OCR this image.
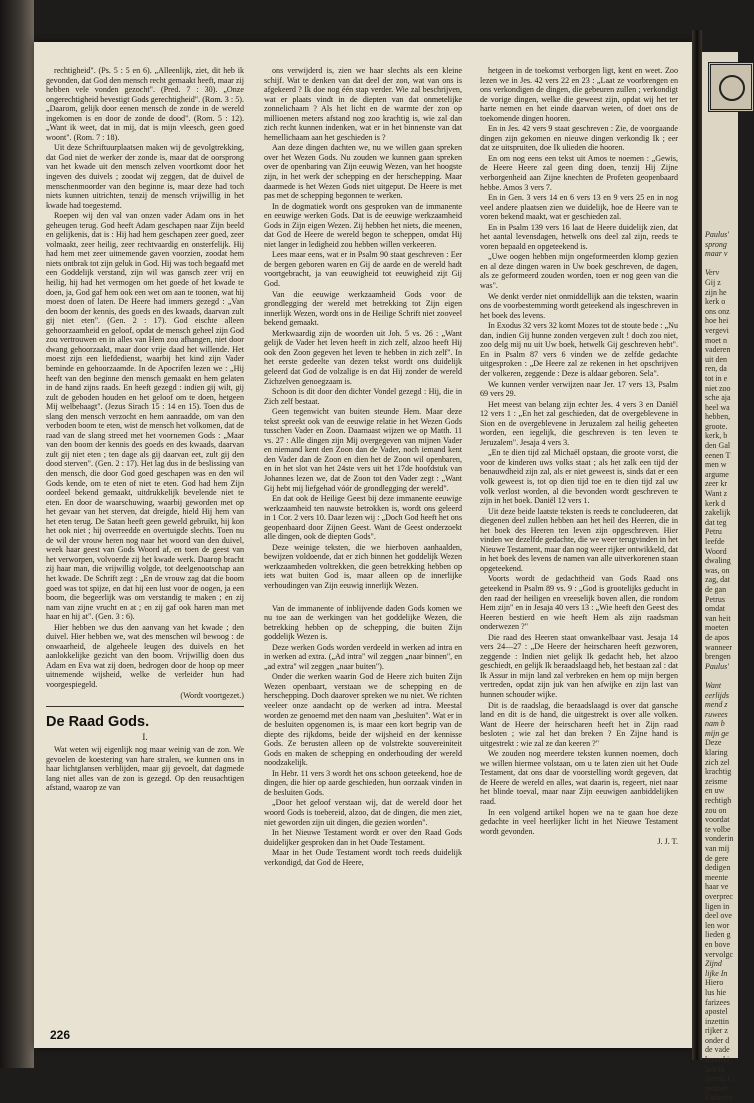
rechtigheid". (Ps. 5 : 5 en 6). „Alleenlijk, ziet, dit heb ik gevonden, dat God den mensch recht gemaakt heeft, maar zij hebben vele vonden gezocht". (Pred. 7 : 30). „Onze ongerechtigheid bevestigt Gods gerechtigheid". (Rom. 3 : 5). „Daarom, gelijk door eenen mensch de zonde in de wereld ingekomen is en door de zonde de dood". (Rom. 5 : 12). „Want ik weet, dat in mij, dat is mijn vleesch, geen goed woont". (Rom. 7 : 18).

Uit deze Schriftuurplaatsen maken wij de gevolgtrekking, dat God niet de werker der zonde is, maar dat de oorsprong van het kwade uit den mensch zelven voortkomt door het ingeven des duivels ; zoodat wij zeggen, dat de duivel de menschenmoorder van den beginne is, maar deze had toch niets kunnen uitrichten, tenzij de mensch vrijwillig in het kwade had toegestemd.

Roepen wij den val van onzen vader Adam ons in het geheugen terug. God heeft Adam geschapen naar Zijn beeld en gelijkenis, dat is : Hij had hem geschapen zeer goed, zeer volmaakt, zeer heilig, zeer rechtvaardig en onsterfelijk. Hij had hem met zeer uitnemende gaven voorzien, zoodat hem niets ontbrak tot zijn geluk in God. Hij was toch begaafd met een Goddelijk verstand, zijn wil was gansch zeer vrij en heilig, hij had het vermogen om het goede of het kwade te doen, ja, God gaf hem ook een wet om aan te toonen, wat hij moest doen of laten. De Heere had immers gezegd : „Van den boom der kennis, des goeds en des kwaads, daarvan zult gij niet eten". (Gen. 2 : 17). God eischte alleen gehoorzaamheid en geloof, opdat de mensch geheel zijn God zou vertrouwen en in alles van Hem zou afhangen, niet door dwang gehoorzaakt, maar door vrije daad het willende. Het moest zijn een liefdedienst, waarbij het kind zijn Vader beminde en gehoorzaamde. In de Apocrifen lezen we : „Hij heeft van den beginne den mensch gemaakt en hem gelaten in de hand zijns raads. En heeft gezegd : indien gij wilt, gij zult de geboden houden en het geloof om te doen, hetgeen Mij welbehaagt". (Jezus Sirach 15 : 14 en 15). Toen dus de slang den mensch verzocht en hem aanraadde, om van den verboden boom te eten, wist de mensch het volkomen, dat de raad van de slang streed met het voornemen Gods : „Maar van den boom der kennis des goeds en des kwaads, daarvan zult gij niet eten ; ten dage als gij daarvan eet, zult gij den dood sterven". (Gen. 2 : 17). Het lag dus in de beslissing van den mensch, die door God goed geschapen was en den wil Gods kende, om te eten of niet te eten. God had hem Zijn oordeel bekend gemaakt, uitdrukkelijk bevelende niet te eten. En door de waarschuwing, waarbij geworden met op het gevaar van het sterven, dat dreigde, hield Hij hem van het eten terug. De Satan heeft geen geweld gebruikt, hij kon het ook niet ; hij overreedde en overtuigde slechts. Toen nu de wil der vrouw heren nog naar het woord van den duivel, week haar geest van Gods Woord af, en toen de geest van het verworpen, volvoerde zij het kwade werk. Daarop bracht zij haar man, die vrijwillig volgde, tot deelgenootschap aan het kwade. De Schrift zegt : „En de vrouw zag dat die boom goed was tot spijze, en dat hij een lust voor de oogen, ja een boom, die begeerlijk was om verstandig te maken ; en zij nam van zijne vrucht en at ; en zij gaf ook haren man met haar en hij at". (Gen. 3 : 6).

Hier hebben we dus den aanvang van het kwade ; den duivel. Hier hebben we, wat des menschen wil bewoog : de onwaarheid, de algeheele leugen des duivels en het aanlokkelijke gezicht van den boom. Vrijwillig doen dus Adam en Eva wat zij doen, bedrogen door de hoop op meer uitnemende wijsheid, welke de verleider hun had voorgespiegeld.

(Wordt voortgezet.)

De Raad Gods.
I.

Wat weten wij eigenlijk nog maar weinig van de zon. We gevoelen de koestering van hare stralen, we kunnen ons in haar lichtglansen verblijden, maar gij gevoelt, dat dagmede lang niet alles van de zon is gezegd. Op den reusachtigen afstand, waarop ze van

ons verwijderd is, zien we haar slechts als een kleine schijf. Wat te denken van dat deel der zon, wat van ons is afgekeerd ? Ik doe nog één stap verder. Wie zal beschrijven, wat er plaats vindt in de diepten van dat onmetelijke zonnelichaam ? Als het licht en de warmte der zon op millioenen meters afstand nog zoo krachtig is, wie zal dan zich recht kunnen indenken, wat er in het binnenste van dat hemellichaam aan het geschieden is ?

Aan deze dingen dachten we, nu we willen gaan spreken over het Wezen Gods. Nu zouden we kunnen gaan spreken over de openbaring van Zijn eeuwig Wezen, van het hoogste zijn, in het werk der schepping en der herschepping. Maar daarmede is het Wezen Gods niet uitgeput. De Heere is met pas met de schepping begonnen te werken.

In de dogmatiek wordt ons gesproken van de immanente en eeuwige werken Gods. Dat is de eeuwige werkzaamheid Gods in Zijn eigen Wezen. Zij hebben het niets, die meenen, dat God de Heere de wereld begon te scheppen, omdat Hij niet langer in ledigheid zou hebben willen verkeeren.

Lees maar eens, wat er in Psalm 90 staat geschreven : Eer de bergen geboren waren en Gij de aarde en de wereld hadt voortgebracht, ja van eeuwigheid tot eeuwigheid zijt Gij God.

Van die eeuwige werkzaamheid Gods voor de grondlegging der wereld met betrekking tot Zijn eigen innerlijk Wezen, wordt ons in de Heilige Schrift niet zooveel bekend gemaakt.

Merkwaardig zijn de woorden uit Joh. 5 vs. 26 : „Want gelijk de Vader het leven heeft in zich zelf, alzoo heeft Hij ook den Zoon gegeven het leven te hebben in zich zelf". In het eerste gedeelte van dezen tekst wordt ons duidelijk geleerd dat God de volzalige is en dat Hij zonder de wereld Zichzelven genoegzaam is.

Schoon is dit door den dichter Vondel gezegd : Hij, die in Zich zelf bestaat.

Geen tegenwicht van buiten steunde Hem. Maar deze tekst spreekt ook van de eeuwige relatie in het Wezen Gods tusschen Vader en Zoon. Daarnaast wijzen we op Matth. 11 vs. 27 : Alle dingen zijn Mij overgegeven van mijnen Vader en niemand kent den Zoon dan de Vader, noch iemand kent den Vader dan de Zoon en dien het de Zoon wil openbaren, en in het slot van het 24ste vers uit het 17de hoofdstuk van Johannes lezen we, dat de Zoon tot den Vader zegt : „Want Gij hebt mij liefgehad vóór de grondlegging der wereld".

En dat ook de Heilige Geest bij deze immanente eeuwige werkzaamheid ten nauwste betrokken is, wordt ons geleerd in 1 Cor. 2 vers 10. Daar lezen wij : „Doch God heeft het ons geopenbaard door Zijnen Geest. Want de Geest onderzoekt alle dingen, ook de diepten Gods".

Deze weinige teksten, die we hierboven aanhaalden, bewijzen voldoende, dat er zich binnen het goddelijk Wezen werkzaamheden voltrekken, die geen betrekking hebben op iets wat buiten God is, maar alleen op de innerlijke verhoudingen van Zijn eeuwig innerlijk Wezen.

Van de immanente of inblijvende daden Gods komen we nu toe aan de werkingen van het goddelijke Wezen, die betrekking hebben op de schepping, die buiten Zijn goddelijk Wezen is.

Deze werken Gods worden verdeeld in werken ad intra en in werken ad extra. („Ad intra" wil zeggen „naar binnen", en „ad extra" wil zeggen „naar buiten").

Onder die werken waarin God de Heere zich buiten Zijn Wezen openbaart, verstaan we de schepping en de herschepping. Doch daarover spreken we nu niet. We richten veeleer onze aandacht op de werken ad intra. Meestal worden ze genoemd met den naam van „besluiten". Wat er in de besluiten opgenomen is, is maar een kort begrip van de diepte des rijkdoms, beide der wijsheid en der kennisse Gods. Ze berusten alleen op de volstrekte souvereiniteit Gods en maken de schepping en onderhouding der wereld noodzakelijk.

In Hebr. 11 vers 3 wordt het ons schoon geteekend, hoe de dingen, die hier op aarde geschieden, hun oorzaak vinden in de besluiten Gods.

„Door het geloof verstaan wij, dat de wereld door het woord Gods is toebereid, alzoo, dat de dingen, die men ziet, niet geworden zijn uit dingen, die gezien worden".

In het Nieuwe Testament wordt er over den Raad Gods duidelijker gesproken dan in het Oude Testament.

Maar in het Oude Testament wordt toch reeds duidelijk verkondigd, dat God de Heere,

hetgeen in de toekomst verborgen ligt, kent en weet. Zoo lezen we in Jes. 42 vers 22 en 23 : „Laat ze voorbrengen en ons verkondigen de dingen, die gebeuren zullen ; verkondigt de vorige dingen, welke die geweest zijn, opdat wij het ter harte nemen en het einde daarvan weten, of doet ons de toekomende dingen hooren.

En in Jes. 42 vers 9 staat geschreven : Zie, de voorgaande dingen zijn gekomen en nieuwe dingen verkondig Ik ; eer dat ze uitspruiten, doe Ik ulieden die hooren.

En om nog eens een tekst uit Amos te noemen : „Gewis, de Heere Heere zal geen ding doen, tenzij Hij Zijne verborgenheid aan Zijne knechten de Profeten geopenbaard hebbe. Amos 3 vers 7.

En in Gen. 3 vers 14 en 6 vers 13 en 9 vers 25 en in nog veel andere plaatsen zien we duidelijk, hoe de Heere van te voren bekend maakt, wat er geschieden zal.

En in Psalm 139 vers 16 laat de Heere duidelijk zien, dat het aantal levensdagen, hetwelk ons deel zal zijn, reeds te voren bepaald en opgeteekend is.

„Uwe oogen hebben mijn ongeformeerden klomp gezien en al deze dingen waren in Uw boek geschreven, de dagen, als ze geformeerd zouden worden, toen er nog geen van die was".

We denkt verder niet onmiddellijk aan die teksten, waarin ons de voorbestemming wordt geteekend als ingeschreven in het boek des levens.

In Exodus 32 vers 32 komt Mozes tot de stoute bede : „Nu dan, indien Gij hunne zonden vergeven zult ! doch zoo niet, zoo delg mij nu uit Uw boek, hetwelk Gij geschreven hebt". En in Psalm 87 vers 6 vinden we de zelfde gedachte uitgesproken : „De Heere zal ze rekenen in het opschrijven der volkeren, zeggende : Deze is aldaar geboren. Sela".

We kunnen verder verwijzen naar Jer. 17 vers 13, Psalm 69 vers 29.

Het meest van belang zijn echter Jes. 4 vers 3 en Daniël 12 vers 1 : „En het zal geschieden, dat de overgeblevene in Sion en de overgeblevene in Jeruzalem zal heilig geheeten worden, een iegelijk, die geschreven is ten leven te Jeruzalem". Jesaja 4 vers 3.

„En te dien tijd zal Michaël opstaan, die groote vorst, die voor de kinderen uws volks staat ; als het zalk een tijd der benauwdheid zijn zal, als er niet geweest is, sinds dat er een volk geweest is, tot op dien tijd toe en te dien tijd zal uw volk verlost worden, al die bevonden wordt geschreven te zijn in het boek. Daniël 12 vers 1.

Uit deze beide laatste teksten is reeds te concludeeren, dat diegenen deel zullen hebben aan het heil des Heeren, die in het boek des Heeren ten leven zijn opgeschreven. Hier vinden we dezelfde gedachte, die we weer terugvinden in het Nieuwe Testament, maar dan nog weer rijker ontwikkeld, dat in het boek des levens de namen van alle uitverkorenen staan opgeteekend.

Voorts wordt de gedachtheid van Gods Raad ons geteekend in Psalm 89 vs. 9 : „God is grootelijks geducht in den raad der heiligen en vreeselijk boven allen, die rondom Hem zijn" en in Jesaja 40 vers 13 : „Wie heeft den Geest des Heeren bestierd en wie heeft Hem als zijn raadsman onderwezen ?"

Die raad des Heeren staat onwankelbaar vast. Jesaja 14 vers 24—27 : „De Heere der heirscharen heeft gezworen, zeggende : Indien niet gelijk Ik gedacht heb, het alzoo geschiedt, en gelijk Ik beraadslaagd heb, het bestaan zal : dat Ik Assur in mijn land zal verbreken en hem op mijn bergen vertreden, opdat zijn juk van hen afwijke en zijn last van hunnen schouder wijke.

Dit is de raadslag, die beraadslaagd is over dat gansche land en dit is de hand, die uitgestrekt is over alle volken. Want de Heere der heirscharen heeft het in Zijn raad besloten ; wie zal het dan breken ? En Zijne hand is uitgestrekt : wie zal ze dan keeren ?"

We zouden nog meerdere teksten kunnen noemen, doch we willen hiermee volstaan, om u te laten zien uit het Oude Testament, dat ons daar de voorstelling wordt gegeven, dat de Heere de wereld en alles, wat daarin is, regeert, niet naar het blinde toeval, maar naar Zijn eeuwigen aanbiddelijken raad.

In een volgend artikel hopen we na te gaan hoe deze gedachte in veel heerlijker licht in het Nieuwe Testament wordt gevonden.

J. J. T.

226
Paulus'
sprong
maar v

Verv
Gij z
zijn he
kerk o
ons onz
hoe hei
vergevi
moet n
vaderen
uit den
ren, da
tot in e
niet zoo
sche aja
heel wa
hebben,
groote.
kerk, b
den Gal
eenen T
men w
argume
zeer kr
Want z
kerk d
zakelijk
dat teg
Petru
leefde
Woord
dwaling
was, on
zag, dat
de gan
Petrus
omdat
van heit
moeten
de apos
wanneer
brengen
Paulus'

Want
eerlijds
mend z
ruwees
nam b
mijn ge
Deze
klaring
zich zel
krachtig
zeisme
en uw
rechtigh
zou on
voordat
te volbe
vonderin
van mij
de gere
dedigen
meente
haar ve
overprec
ligen in
deel ove
len wor
lieden g
en bove
vervolgc
Zijnd
lijke In
Hiero
lus hie
farizees
apostel
inzettin
rijker z
onder d
de vade
leverd i
heb ik
ijverd, C
penzen
Farizeën
